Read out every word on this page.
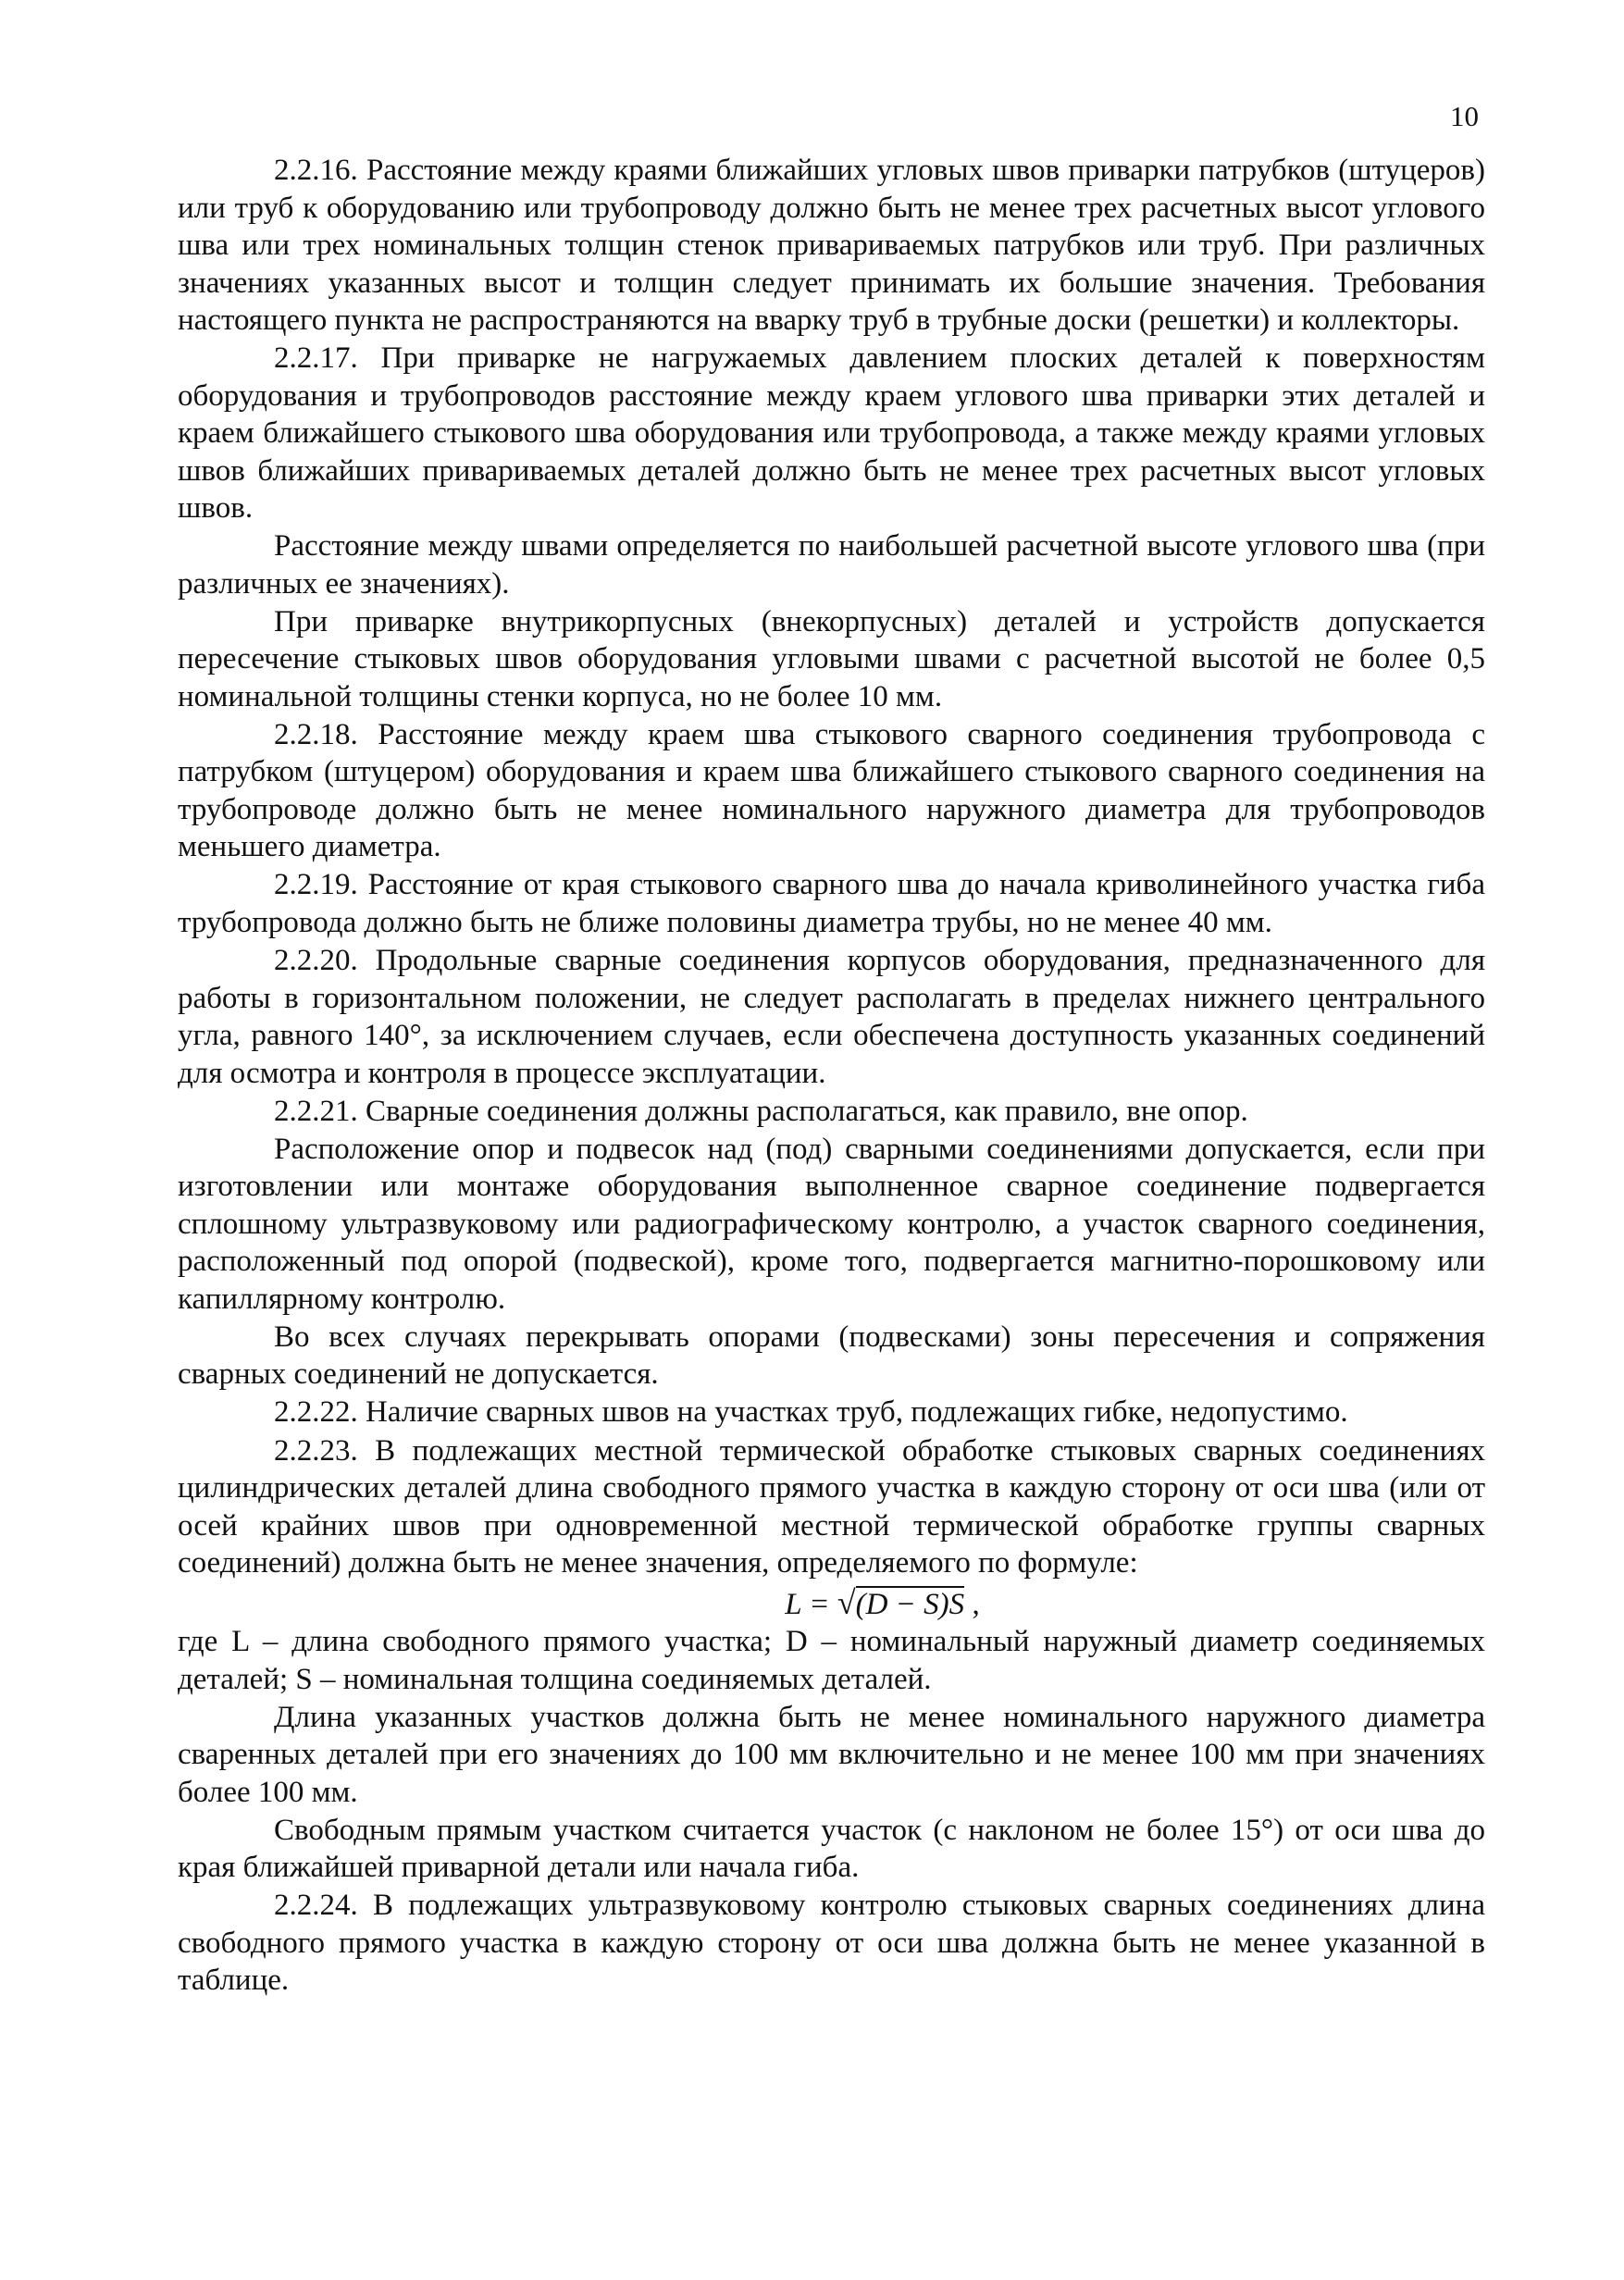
10

2.2.16. Расстояние между краями ближайших угловых швов приварки патрубков (штуцеров) или труб к оборудованию или трубопроводу должно быть не менее трех расчетных высот углового шва или трех номинальных толщин стенок привариваемых патрубков или труб. При различных значениях указанных высот и толщин следует принимать их большие значения. Требования настоящего пункта не распространяются на вварку труб в трубные доски (решетки) и коллекторы.

2.2.17. При приварке не нагружаемых давлением плоских деталей к поверхностям оборудования и трубопроводов расстояние между краем углового шва приварки этих деталей и краем ближайшего стыкового шва оборудования или трубопровода, а также между краями угловых швов ближайших привариваемых деталей должно быть не менее трех расчетных высот угловых швов.

Расстояние между швами определяется по наибольшей расчетной высоте углового шва (при различных ее значениях).

При приварке внутрикорпусных (внекорпусных) деталей и устройств допускается пересечение стыковых швов оборудования угловыми швами с расчетной высотой не более 0,5 номинальной толщины стенки корпуса, но не более 10 мм.

2.2.18. Расстояние между краем шва стыкового сварного соединения трубопровода с патрубком (штуцером) оборудования и краем шва ближайшего стыкового сварного соединения на трубопроводе должно быть не менее номинального наружного диаметра для трубопроводов меньшего диаметра.

2.2.19. Расстояние от края стыкового сварного шва до начала криволинейного участка гиба трубопровода должно быть не ближе половины диаметра трубы, но не менее 40 мм.

2.2.20. Продольные сварные соединения корпусов оборудования, предназначенного для работы в горизонтальном положении, не следует располагать в пределах нижнего центрального угла, равного 140°, за исключением случаев, если обеспечена доступность указанных соединений для осмотра и контроля в процессе эксплуатации.

2.2.21. Сварные соединения должны располагаться, как правило, вне опор.

Расположение опор и подвесок над (под) сварными соединениями допускается, если при изготовлении или монтаже оборудования выполненное сварное соединение подвергается сплошному ультразвуковому или радиографическому контролю, а участок сварного соединения, расположенный под опорой (подвеской), кроме того, подвергается магнитно-порошковому или капиллярному контролю.

Во всех случаях перекрывать опорами (подвесками) зоны пересечения и сопряжения сварных соединений не допускается.

2.2.22. Наличие сварных швов на участках труб, подлежащих гибке, недопустимо.

2.2.23. В подлежащих местной термической обработке стыковых сварных соединениях цилиндрических деталей длина свободного прямого участка в каждую сторону от оси шва (или от осей крайних швов при одновременной местной термической обработке группы сварных соединений) должна быть не менее значения, определяемого по формуле:

L = √(D − S)S ,

где L – длина свободного прямого участка; D – номинальный наружный диаметр соединяемых деталей; S – номинальная толщина соединяемых деталей.

Длина указанных участков должна быть не менее номинального наружного диаметра сваренных деталей при его значениях до 100 мм включительно и не менее 100 мм при значениях более 100 мм.

Свободным прямым участком считается участок (с наклоном не более 15°) от оси шва до края ближайшей приварной детали или начала гиба.

2.2.24. В подлежащих ультразвуковому контролю стыковых сварных соединениях длина свободного прямого участка в каждую сторону от оси шва должна быть не менее указанной в таблице.
